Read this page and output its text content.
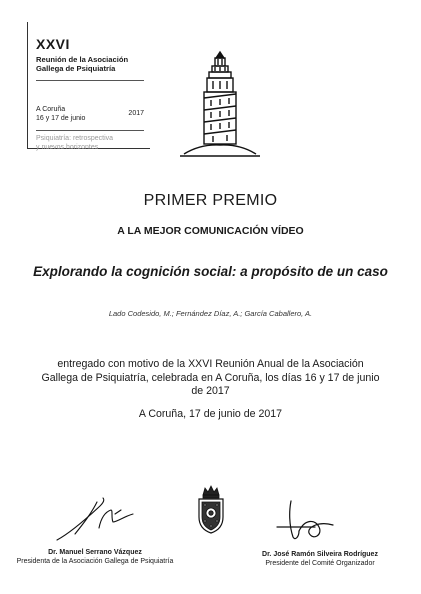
XXVI
Reunión de la Asociación
Gallega de Psiquiatría
A Coruña
16 y 17 de junio
2017
Psiquiatría: retrospectiva
y nuevos horizontes
PRIMER PREMIO
A LA MEJOR COMUNICACIÓN VÍDEO
Explorando la cognición social: a propósito de un caso
Lado Codesido, M.; Fernández Díaz, A.; García Caballero, A.
entregado con motivo de la XXVI Reunión Anual de la Asociación Gallega de Psiquiatría, celebrada en A Coruña, los días 16 y 17 de junio de 2017
A Coruña, 17 de junio de 2017
Dr. Manuel Serrano Vázquez
Presidenta de la Asociación Gallega de Psiquiatría
Dr. José Ramón Silveira Rodríguez
Presidente del Comité Organizador
